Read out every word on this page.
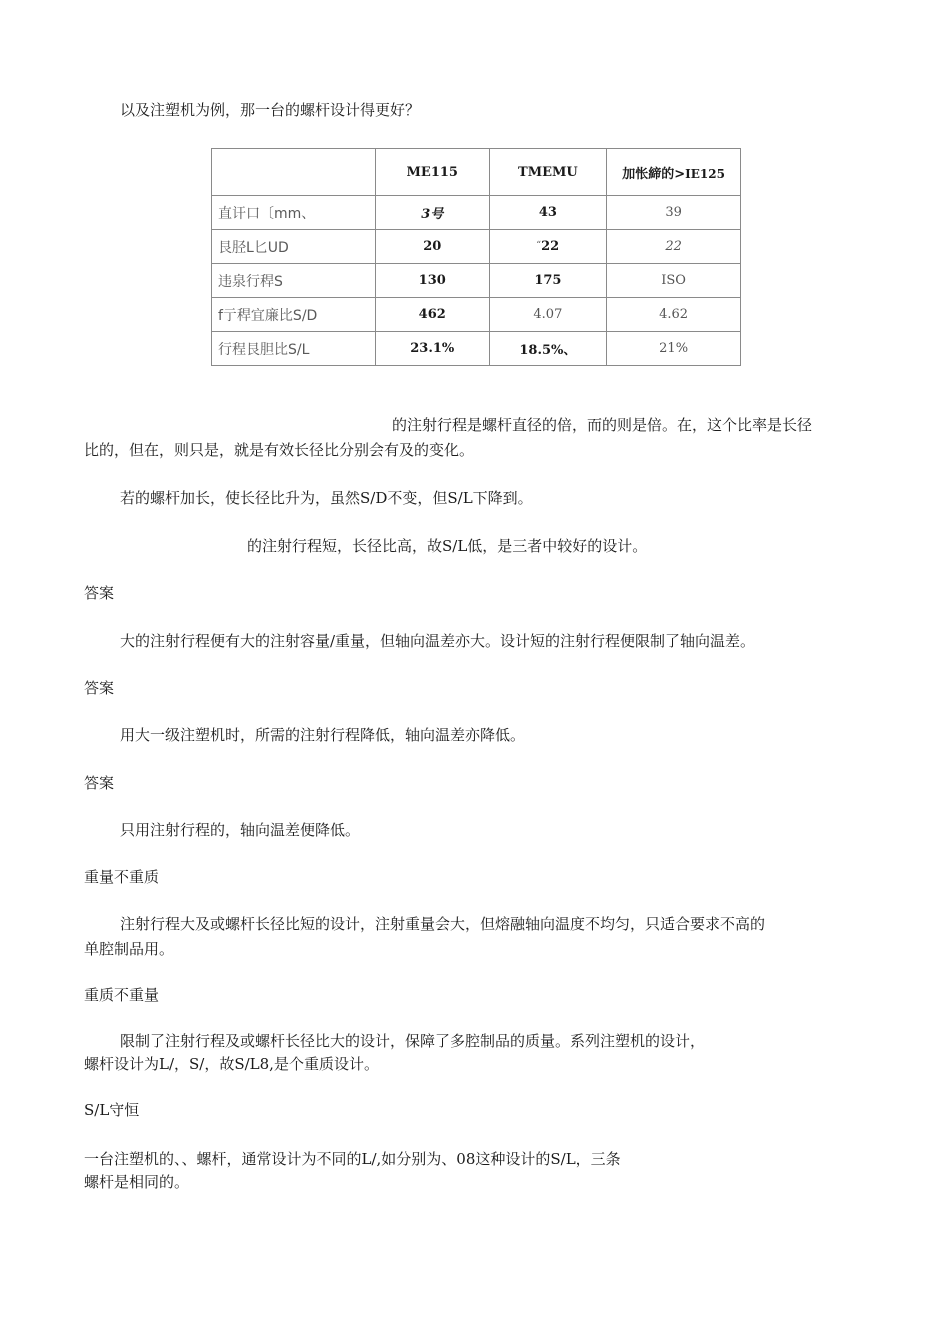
以及注塑机为例，那一台的螺杆设计得更好？
	ME115	TMEMU	加怅締的>IE125
直讦口〔mm、	3号	43	39
艮胫L匕UD	20	“22	22
违泉行稈S	130	175	ISO
f亍稈宜廉比S/D	462	4.07	4.62
行程艮胆比S/L	23.1%	18.5%、	21%
的注射行程是螺杆直径的倍，而的则是倍。在，这个比率是长径
比的，但在，则只是，就是有效长径比分别会有及的变化。
若的螺杆加长，使长径比升为，虽然S/D不变，但S/L下降到。
的注射行程短，长径比高，故S/L低，是三者中较好的设计。
答案
大的注射行程便有大的注射容量/重量，但轴向温差亦大。设计短的注射行程便限制了轴向温差。
答案
用大一级注塑机时，所需的注射行程降低，轴向温差亦降低。
答案
只用注射行程的，轴向温差便降低。
重量不重质
注射行程大及或螺杆长径比短的设计，注射重量会大，但熔融轴向温度不均匀，只适合要求不高的
单腔制品用。
重质不重量
限制了注射行程及或螺杆长径比大的设计，保障了多腔制品的质量。系列注塑机的设计，
螺杆设计为L/，S/，故S/L8,是个重质设计。
S/L守恒
一台注塑机的、、螺杆，通常设计为不同的L/,如分别为、08这种设计的S/L，三条
螺杆是相同的。
